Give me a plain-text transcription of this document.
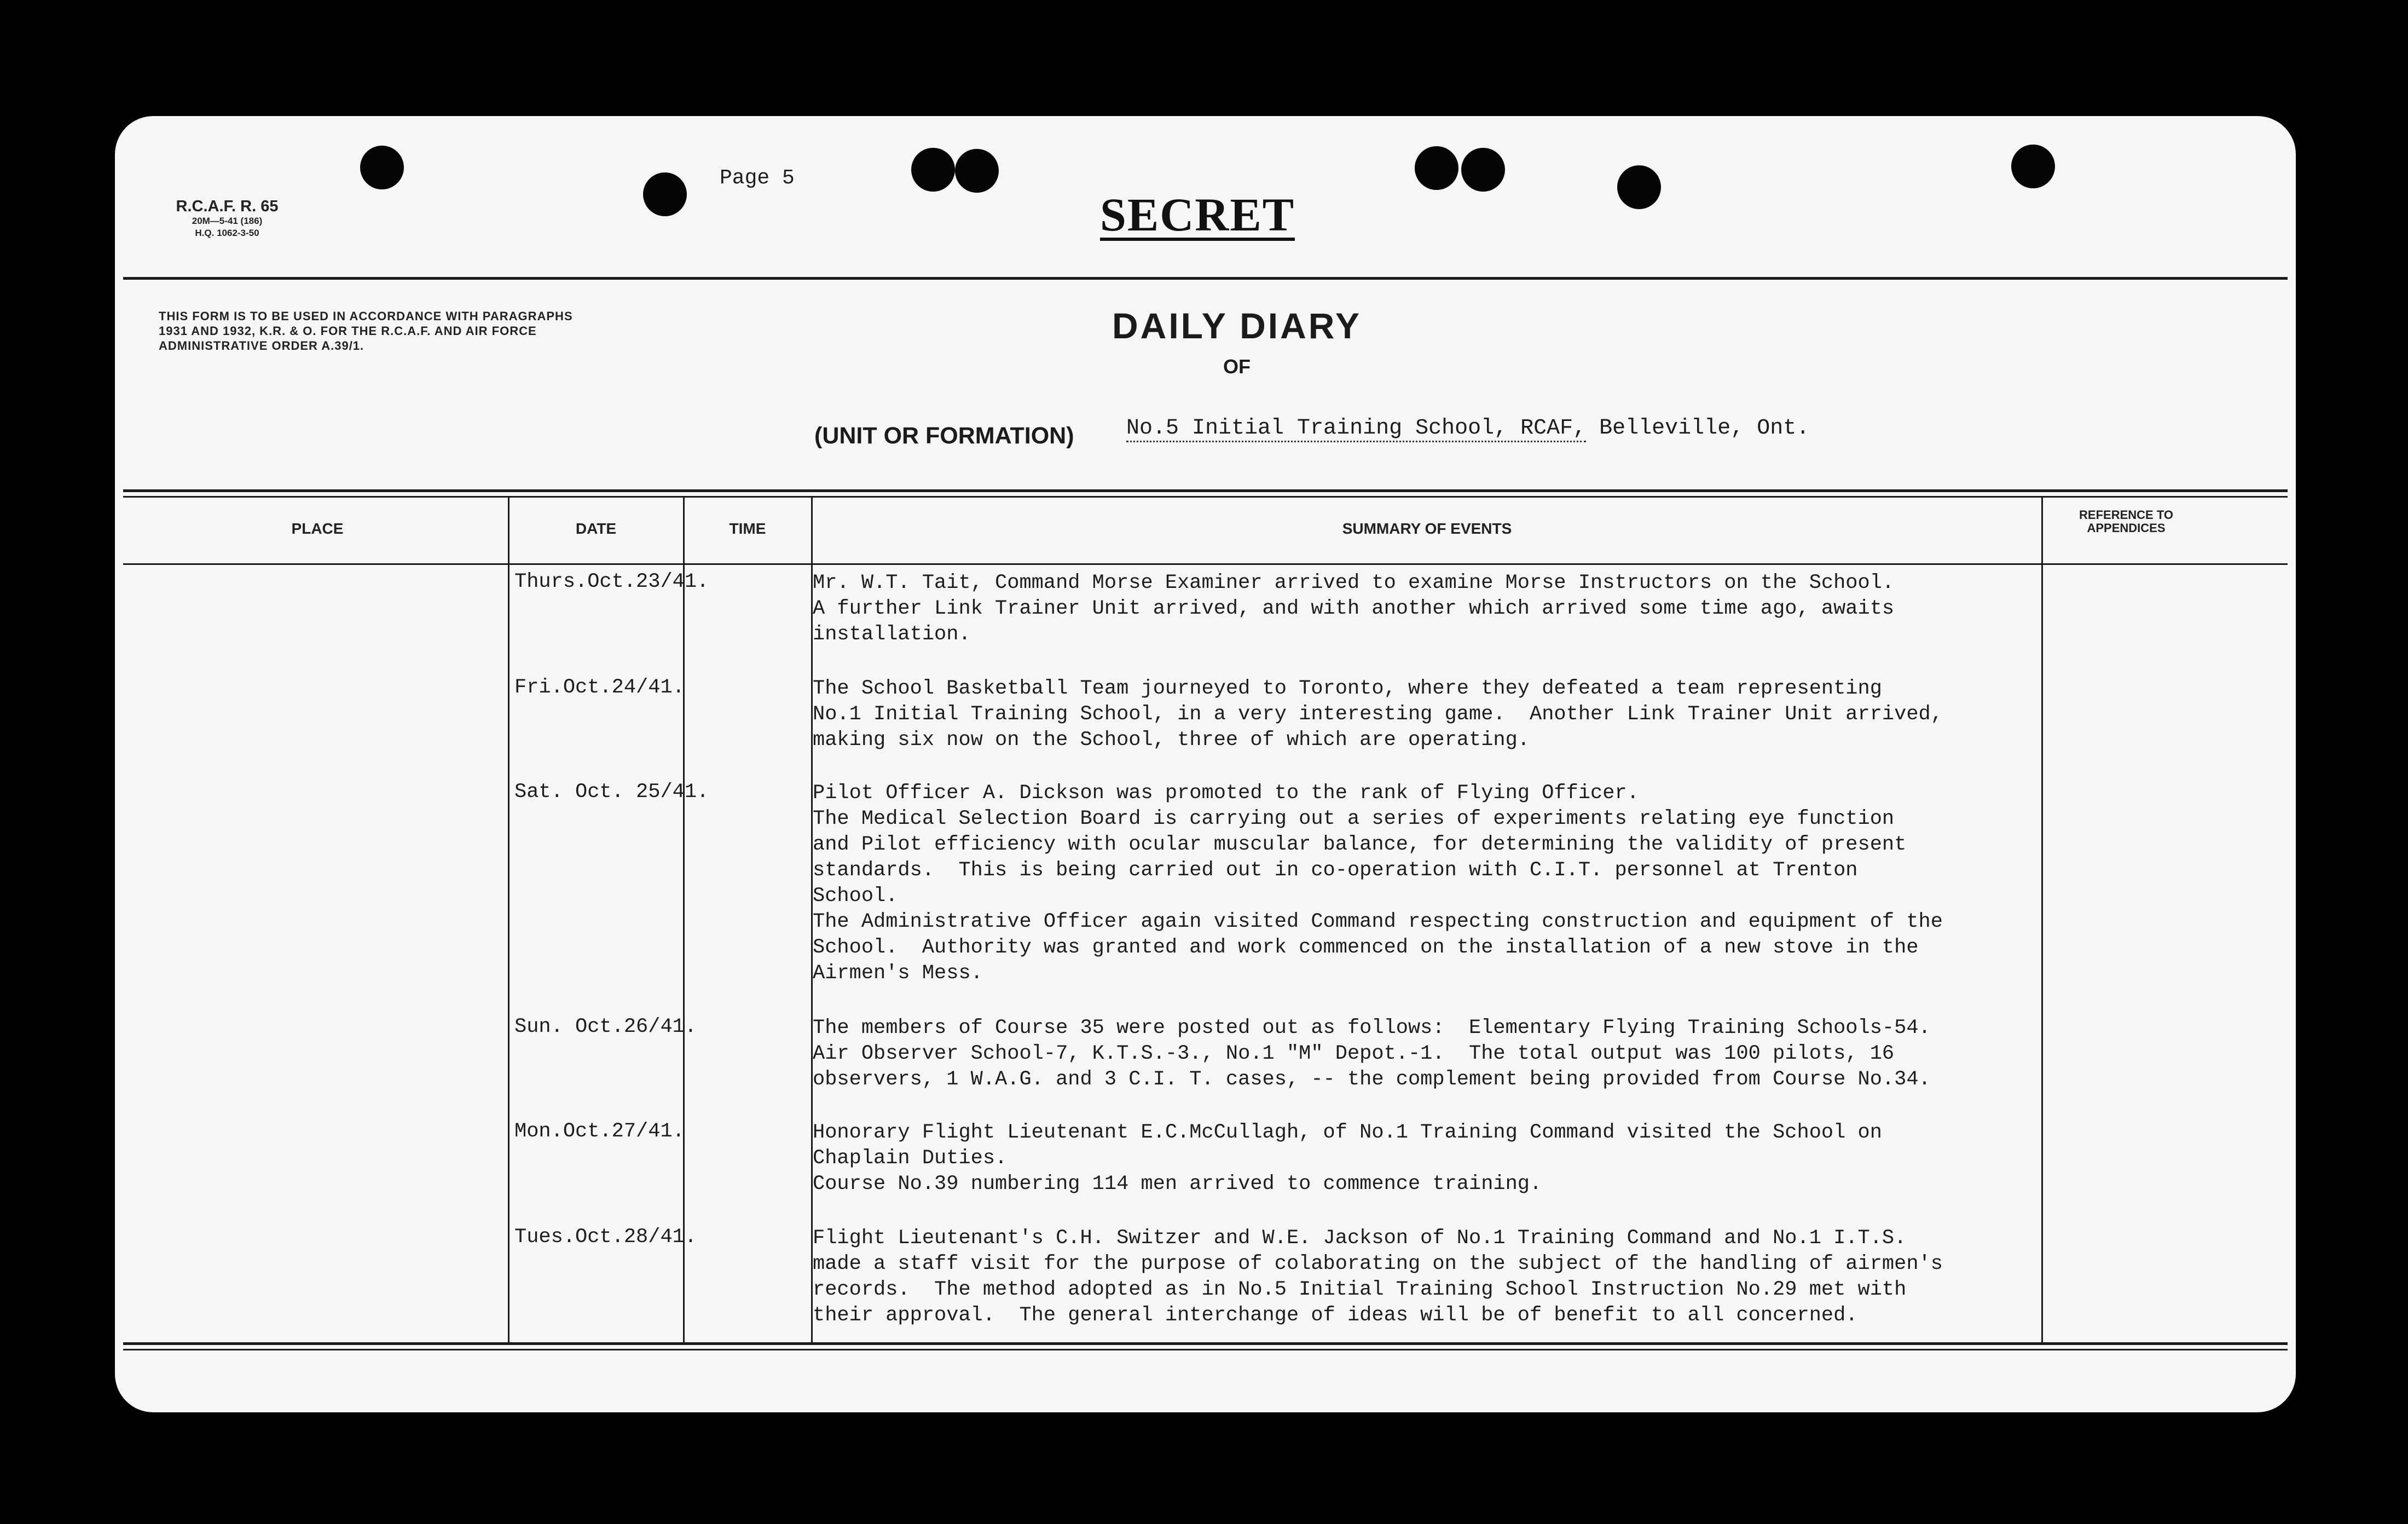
R.C.A.F. R. 65
20M—5-41 (186)
H.Q. 1062-3-50
Page 5
SECRET
THIS FORM IS TO BE USED IN ACCORDANCE WITH PARAGRAPHS 1931 AND 1932, K.R. & O. FOR THE R.C.A.F. AND AIR FORCE ADMINISTRATIVE ORDER A.39/1.	DAILY DIARY
OF
(UNIT OR FORMATION) No.5 Initial Training School, RCAF, Belleville, Ont.
PLACE	DATE	TIME	SUMMARY OF EVENTS
REFERENCE TO APPENDICES
Thurs.Oct.23/41.	Mr. W.T. Tait, Command Morse Examiner arrived to examine Morse Instructors on the School.
A further Link Trainer Unit arrived, and with another which arrived some time ago, awaits
installation.
Fri.Oct.24/41.	The School Basketball Team journeyed to Toronto, where they defeated a team representing
No.1 Initial Training School, in a very interesting game.  Another Link Trainer Unit arrived,
making six now on the School, three of which are operating.
Sat. Oct. 25/41.	Pilot Officer A. Dickson was promoted to the rank of Flying Officer.
The Medical Selection Board is carrying out a series of experiments relating eye function
and Pilot efficiency with ocular muscular balance, for determining the validity of present
standards.  This is being carried out in co-operation with C.I.T. personnel at Trenton
School.
The Administrative Officer again visited Command respecting construction and equipment of the
School.  Authority was granted and work commenced on the installation of a new stove in the
Airmen's Mess.
Sun. Oct.26/41.	The members of Course 35 were posted out as follows:  Elementary Flying Training Schools-54.
Air Observer School-7, K.T.S.-3., No.1 "M" Depot.-1.  The total output was 100 pilots, 16
observers, 1 W.A.G. and 3 C.I. T. cases, -- the complement being provided from Course No.34.
Mon.Oct.27/41.	Honorary Flight Lieutenant E.C.McCullagh, of No.1 Training Command visited the School on
Chaplain Duties.
Course No.39 numbering 114 men arrived to commence training.
Tues.Oct.28/41.	Flight Lieutenant's C.H. Switzer and W.E. Jackson of No.1 Training Command and No.1 I.T.S.
made a staff visit for the purpose of colaborating on the subject of the handling of airmen's
records.  The method adopted as in No.5 Initial Training School Instruction No.29 met with
their approval.  The general interchange of ideas will be of benefit to all concerned.
